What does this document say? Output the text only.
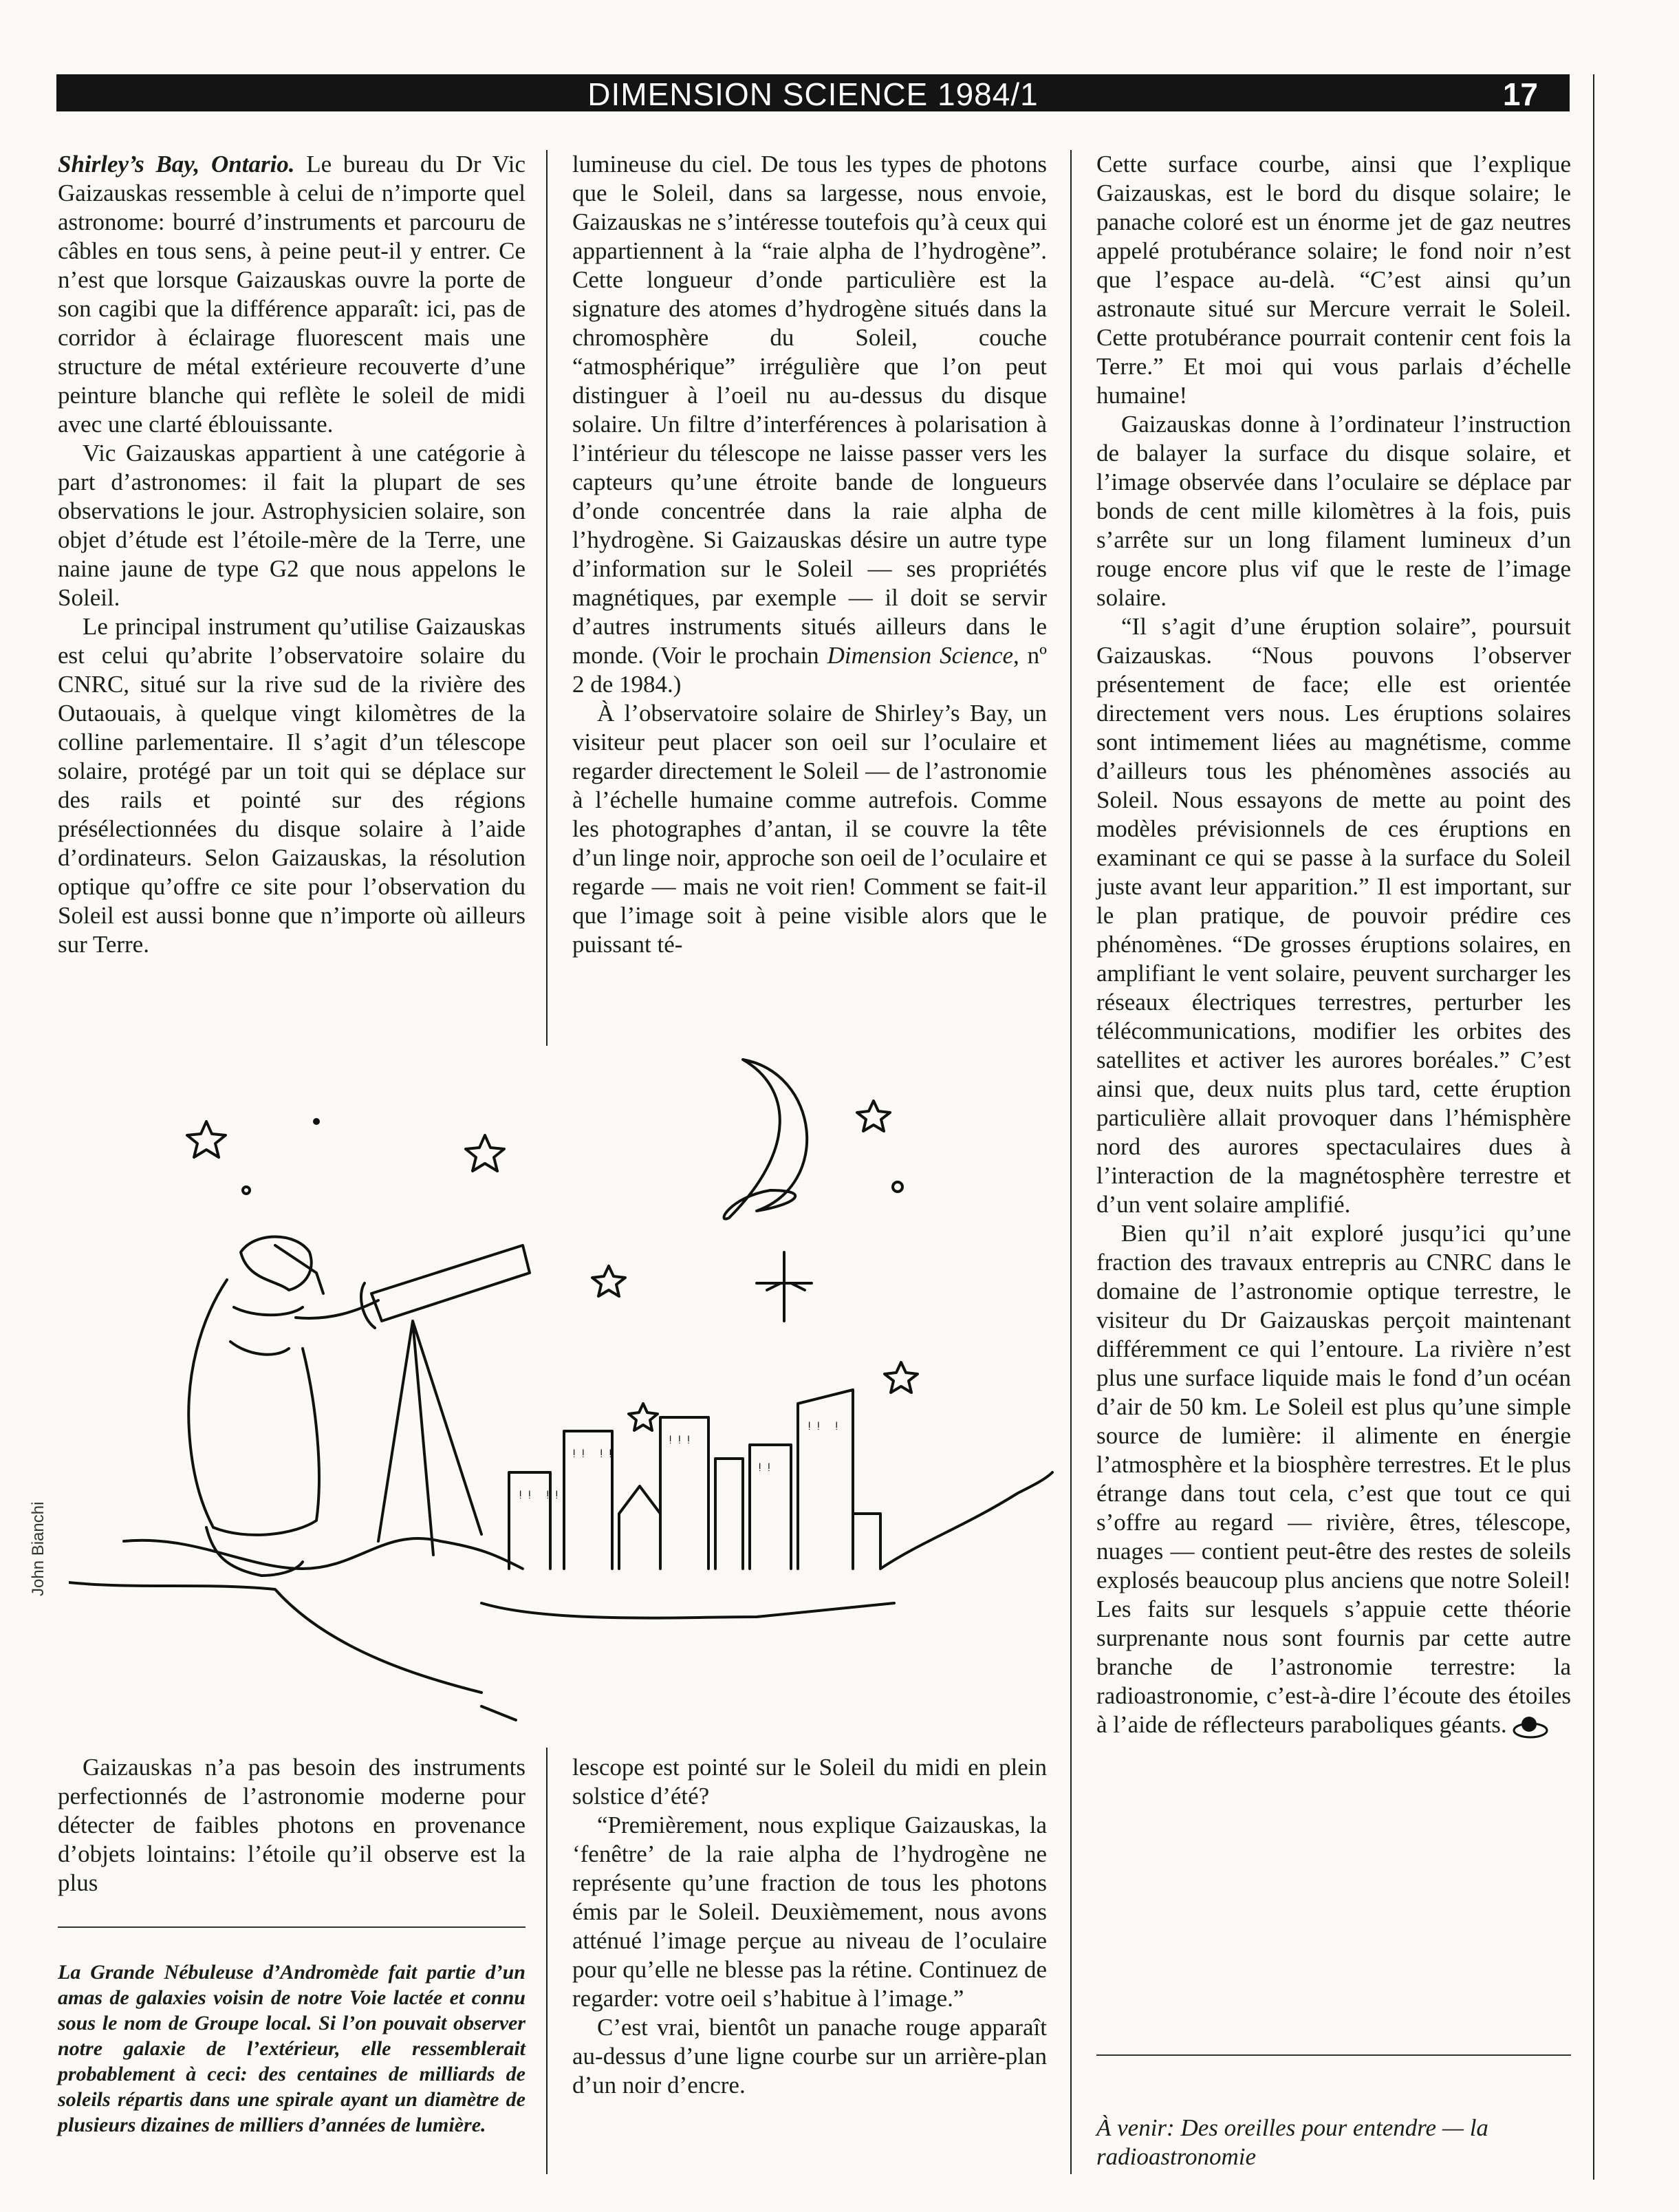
DIMENSION SCIENCE 1984/1	17

Shirley’s Bay, Ontario. Le bureau du Dr Vic Gaizauskas ressemble à celui de n’importe quel astronome: bourré d’instruments et parcouru de câbles en tous sens, à peine peut-il y entrer. Ce n’est que lorsque Gaizauskas ouvre la porte de son cagibi que la différence apparaît: ici, pas de corridor à éclairage fluorescent mais une structure de métal extérieure recouverte d’une peinture blanche qui reflète le soleil de midi avec une clarté éblouissante.

Vic Gaizauskas appartient à une catégorie à part d’astronomes: il fait la plupart de ses observations le jour. Astrophysicien solaire, son objet d’étude est l’étoile-mère de la Terre, une naine jaune de type G2 que nous appelons le Soleil.

Le principal instrument qu’utilise Gaizauskas est celui qu’abrite l’observatoire solaire du CNRC, situé sur la rive sud de la rivière des Outaouais, à quelque vingt kilomètres de la colline parlementaire. Il s’agit d’un télescope solaire, protégé par un toit qui se déplace sur des rails et pointé sur des régions présélectionnées du disque solaire à l’aide d’ordinateurs. Selon Gaizauskas, la résolution optique qu’offre ce site pour l’observation du Soleil est aussi bonne que n’importe où ailleurs sur Terre.

lumineuse du ciel. De tous les types de photons que le Soleil, dans sa largesse, nous envoie, Gaizauskas ne s’intéresse toutefois qu’à ceux qui appartiennent à la “raie alpha de l’hydrogène”. Cette longueur d’onde particulière est la signature des atomes d’hydrogène situés dans la chromosphère du Soleil, couche “atmosphérique” irrégulière que l’on peut distinguer à l’oeil nu au-dessus du disque solaire. Un filtre d’interférences à polarisation à l’intérieur du télescope ne laisse passer vers les capteurs qu’une étroite bande de longueurs d’onde concentrée dans la raie alpha de l’hydrogène. Si Gaizauskas désire un autre type d’information sur le Soleil — ses propriétés magnétiques, par exemple — il doit se servir d’autres instruments situés ailleurs dans le monde. (Voir le prochain Dimension Science, nº 2 de 1984.)

À l’observatoire solaire de Shirley’s Bay, un visiteur peut placer son oeil sur l’oculaire et regarder directement le Soleil — de l’astronomie à l’échelle humaine comme autrefois. Comme les photographes d’antan, il se couvre la tête d’un linge noir, approche son oeil de l’oculaire et regarde — mais ne voit rien! Comment se fait-il que l’image soit à peine visible alors que le puissant té-

ᵎᵎ ᵎᵎ
ᵎᵎ ᵎᵎ
ᵎᵎᵎ
ᵎᵎ
ᵎᵎ ᵎ
John Bianchi

Gaizauskas n’a pas besoin des instruments perfectionnés de l’astronomie moderne pour détecter de faibles photons en provenance d’objets lointains: l’étoile qu’il observe est la plus

La Grande Nébuleuse d’Andromède fait partie d’un amas de galaxies voisin de notre Voie lactée et connu sous le nom de Groupe local. Si l’on pouvait observer notre galaxie de l’extérieur, elle ressemblerait probablement à ceci: des centaines de milliards de soleils répartis dans une spirale ayant un diamètre de plusieurs dizaines de milliers d’années de lumière.

lescope est pointé sur le Soleil du midi en plein solstice d’été?

“Premièrement, nous explique Gaizauskas, la ‘fenêtre’ de la raie alpha de l’hydrogène ne représente qu’une fraction de tous les photons émis par le Soleil. Deuxièmement, nous avons atténué l’image perçue au niveau de l’oculaire pour qu’elle ne blesse pas la rétine. Continuez de regarder: votre oeil s’habitue à l’image.”

C’est vrai, bientôt un panache rouge apparaît au-dessus d’une ligne courbe sur un arrière-plan d’un noir d’encre.

Cette surface courbe, ainsi que l’explique Gaizauskas, est le bord du disque solaire; le panache coloré est un énorme jet de gaz neutres appelé protubérance solaire; le fond noir n’est que l’espace au-delà. “C’est ainsi qu’un astronaute situé sur Mercure verrait le Soleil. Cette protubérance pourrait contenir cent fois la Terre.” Et moi qui vous parlais d’échelle humaine!

Gaizauskas donne à l’ordinateur l’instruction de balayer la surface du disque solaire, et l’image observée dans l’oculaire se déplace par bonds de cent mille kilomètres à la fois, puis s’arrête sur un long filament lumineux d’un rouge encore plus vif que le reste de l’image solaire.

“Il s’agit d’une éruption solaire”, poursuit Gaizauskas. “Nous pouvons l’observer présentement de face; elle est orientée directement vers nous. Les éruptions solaires sont intimement liées au magnétisme, comme d’ailleurs tous les phénomènes associés au Soleil. Nous essayons de mette au point des modèles prévisionnels de ces éruptions en examinant ce qui se passe à la surface du Soleil juste avant leur apparition.” Il est important, sur le plan pratique, de pouvoir prédire ces phénomènes. “De grosses éruptions solaires, en amplifiant le vent solaire, peuvent surcharger les réseaux électriques terrestres, perturber les télécommunications, modifier les orbites des satellites et activer les aurores boréales.” C’est ainsi que, deux nuits plus tard, cette éruption particulière allait provoquer dans l’hémisphère nord des aurores spectaculaires dues à l’interaction de la magnétosphère terrestre et d’un vent solaire amplifié.

Bien qu’il n’ait exploré jusqu’ici qu’une fraction des travaux entrepris au CNRC dans le domaine de l’astronomie optique terrestre, le visiteur du Dr Gaizauskas perçoit maintenant différemment ce qui l’entoure. La rivière n’est plus une surface liquide mais le fond d’un océan d’air de 50 km. Le Soleil est plus qu’une simple source de lumière: il alimente en énergie l’atmosphère et la biosphère terrestres. Et le plus étrange dans tout cela, c’est que tout ce qui s’offre au regard — rivière, êtres, télescope, nuages — contient peut-être des restes de soleils explosés beaucoup plus anciens que notre Soleil! Les faits sur lesquels s’appuie cette théorie surprenante nous sont fournis par cette autre branche de l’astronomie terrestre: la radioastronomie, c’est-à-dire l’écoute des étoiles à l’aide de réflecteurs paraboliques géants.

À venir: Des oreilles pour entendre — la radioastronomie
